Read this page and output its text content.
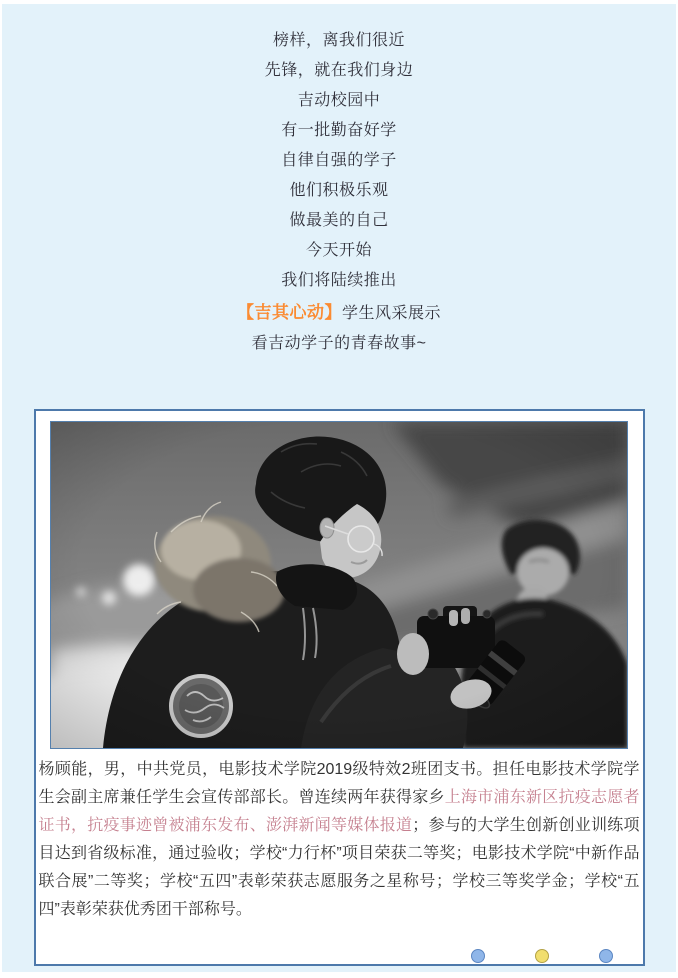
榜样，离我们很近

先锋，就在我们身边

吉动校园中

有一批勤奋好学

自律自强的学子

他们积极乐观

做最美的自己

今天开始

我们将陆续推出

【吉其心动】学生风采展示

看吉动学子的青春故事~

杨顾能，男，中共党员，电影技术学院2019级特效2班团支书。担任电影技术学院学生会副主席兼任学生会宣传部部长。曾连续两年获得家乡上海市浦东新区抗疫志愿者证书，抗疫事迹曾被浦东发布、澎湃新闻等媒体报道；参与的大学生创新创业训练项目达到省级标准，通过验收；学校“力行杯”项目荣获二等奖；电影技术学院“中新作品联合展”二等奖；学校“五四”表彰荣获志愿服务之星称号；学校三等奖学金；学校“五四”表彰荣获优秀团干部称号。
